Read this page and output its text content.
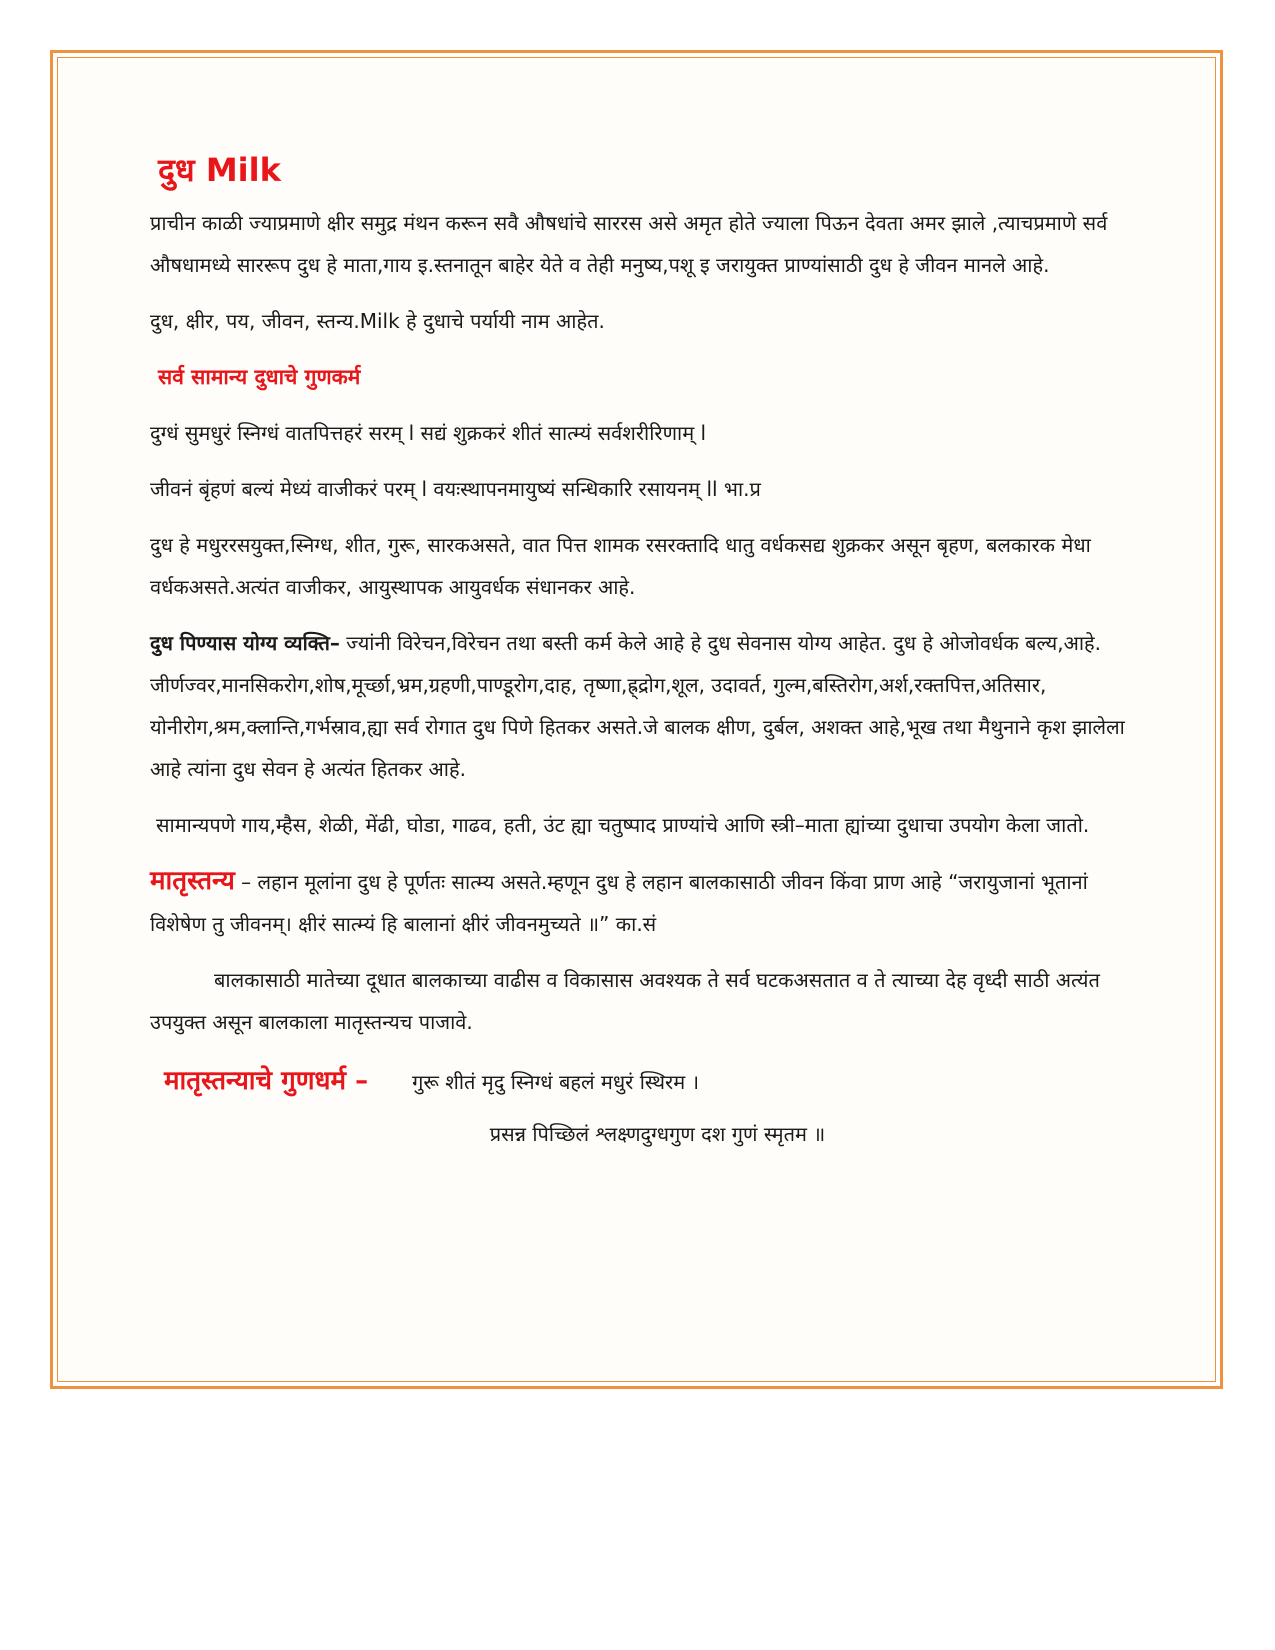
दुध Milk

प्राचीन काळी ज्याप्रमाणे क्षीर समुद्र मंथन करून सवै औषधांचे साररस असे अमृत होते ज्याला पिऊन देवता अमर झाले ,त्याचप्रमाणे सर्व औषधामध्ये साररूप दुध हे माता,गाय इ.स्तनातून बाहेर येते व तेही मनुष्य,पशू इ जरायुक्त प्राण्यांसाठी दुध हे जीवन मानले आहे.

दुध, क्षीर, पय, जीवन, स्तन्य.Milk हे दुधाचे पर्यायी नाम आहेत.

सर्व सामान्य दुधाचे गुणकर्म

दुग्धं सुमधुरं स्निग्धं वातपित्तहरं सरम् l सद्यं शुक्रकरं शीतं सात्म्यं सर्वशरीरिणाम् l

जीवनं बृंहणं बल्यं मेध्यं वाजीकरं परम् l वयःस्थापनमायुष्यं सन्धिकारि रसायनम् ll भा.प्र

दुध हे मधुररसयुक्त,स्निग्ध, शीत, गुरू, सारकअसते, वात पित्त शामक रसरक्तादि धातु वर्धकसद्य शुक्रकर असून बृहण, बलकारक मेधा वर्धकअसते.अत्यंत वाजीकर, आयुस्थापक आयुवर्धक संधानकर आहे.

दुध पिण्यास योग्य व्यक्ति– ज्यांनी विरेचन,विरेचन तथा बस्ती कर्म केले आहे हे दुध सेवनास योग्य आहेत. दुध हे ओजोवर्धक बल्य,आहे. जीर्णज्वर,मानसिकरोग,शोष,मूर्च्छा,भ्रम,ग्रहणी,पाण्डूरोग,दाह, तृष्णा,ह्र्द्रोग,शूल, उदावर्त, गुल्म,बस्तिरोग,अर्श,रक्तपित्त,अतिसार, योनीरोग,श्रम,क्लान्ति,गर्भस्राव,ह्या सर्व रोगात दुध पिणे हितकर असते.जे बालक क्षीण, दुर्बल, अशक्त आहे,भूख तथा मैथुनाने कृश झालेला आहे त्यांना दुध सेवन हे अत्यंत हितकर आहे.

सामान्यपणे गाय,म्हैस, शेळी, मेंढी, घोडा, गाढव, हती, उंट ह्या चतुष्पाद प्राण्यांचे आणि स्त्री–माता ह्यांच्या दुधाचा उपयोग केला जातो.

मातृस्तन्य – लहान मूलांना दुध हे पूर्णतः सात्म्य असते.म्हणून दुध हे लहान बालकासाठी जीवन किंवा प्राण आहे “जरायुजानां भूतानां विशेषेण तु जीवनम्। क्षीरं सात्म्यं हि बालानां क्षीरं जीवनमुच्यते ॥” का.सं

बालकासाठी मातेच्या दूधात बालकाच्या वाढीस व विकासास अवश्यक ते सर्व घटकअसतात व ते त्याच्या देह वृध्दी साठी अत्यंत उपयुक्त असून बालकाला मातृस्तन्यच पाजावे.

मातृस्तन्याचे गुणधर्म – गुरू शीतं मृदु स्निग्धं बहलं मधुरं स्थिरम ।
प्रसन्न पिच्छिलं श्लक्ष्णदुग्धगुण दश गुणं स्मृतम ॥
